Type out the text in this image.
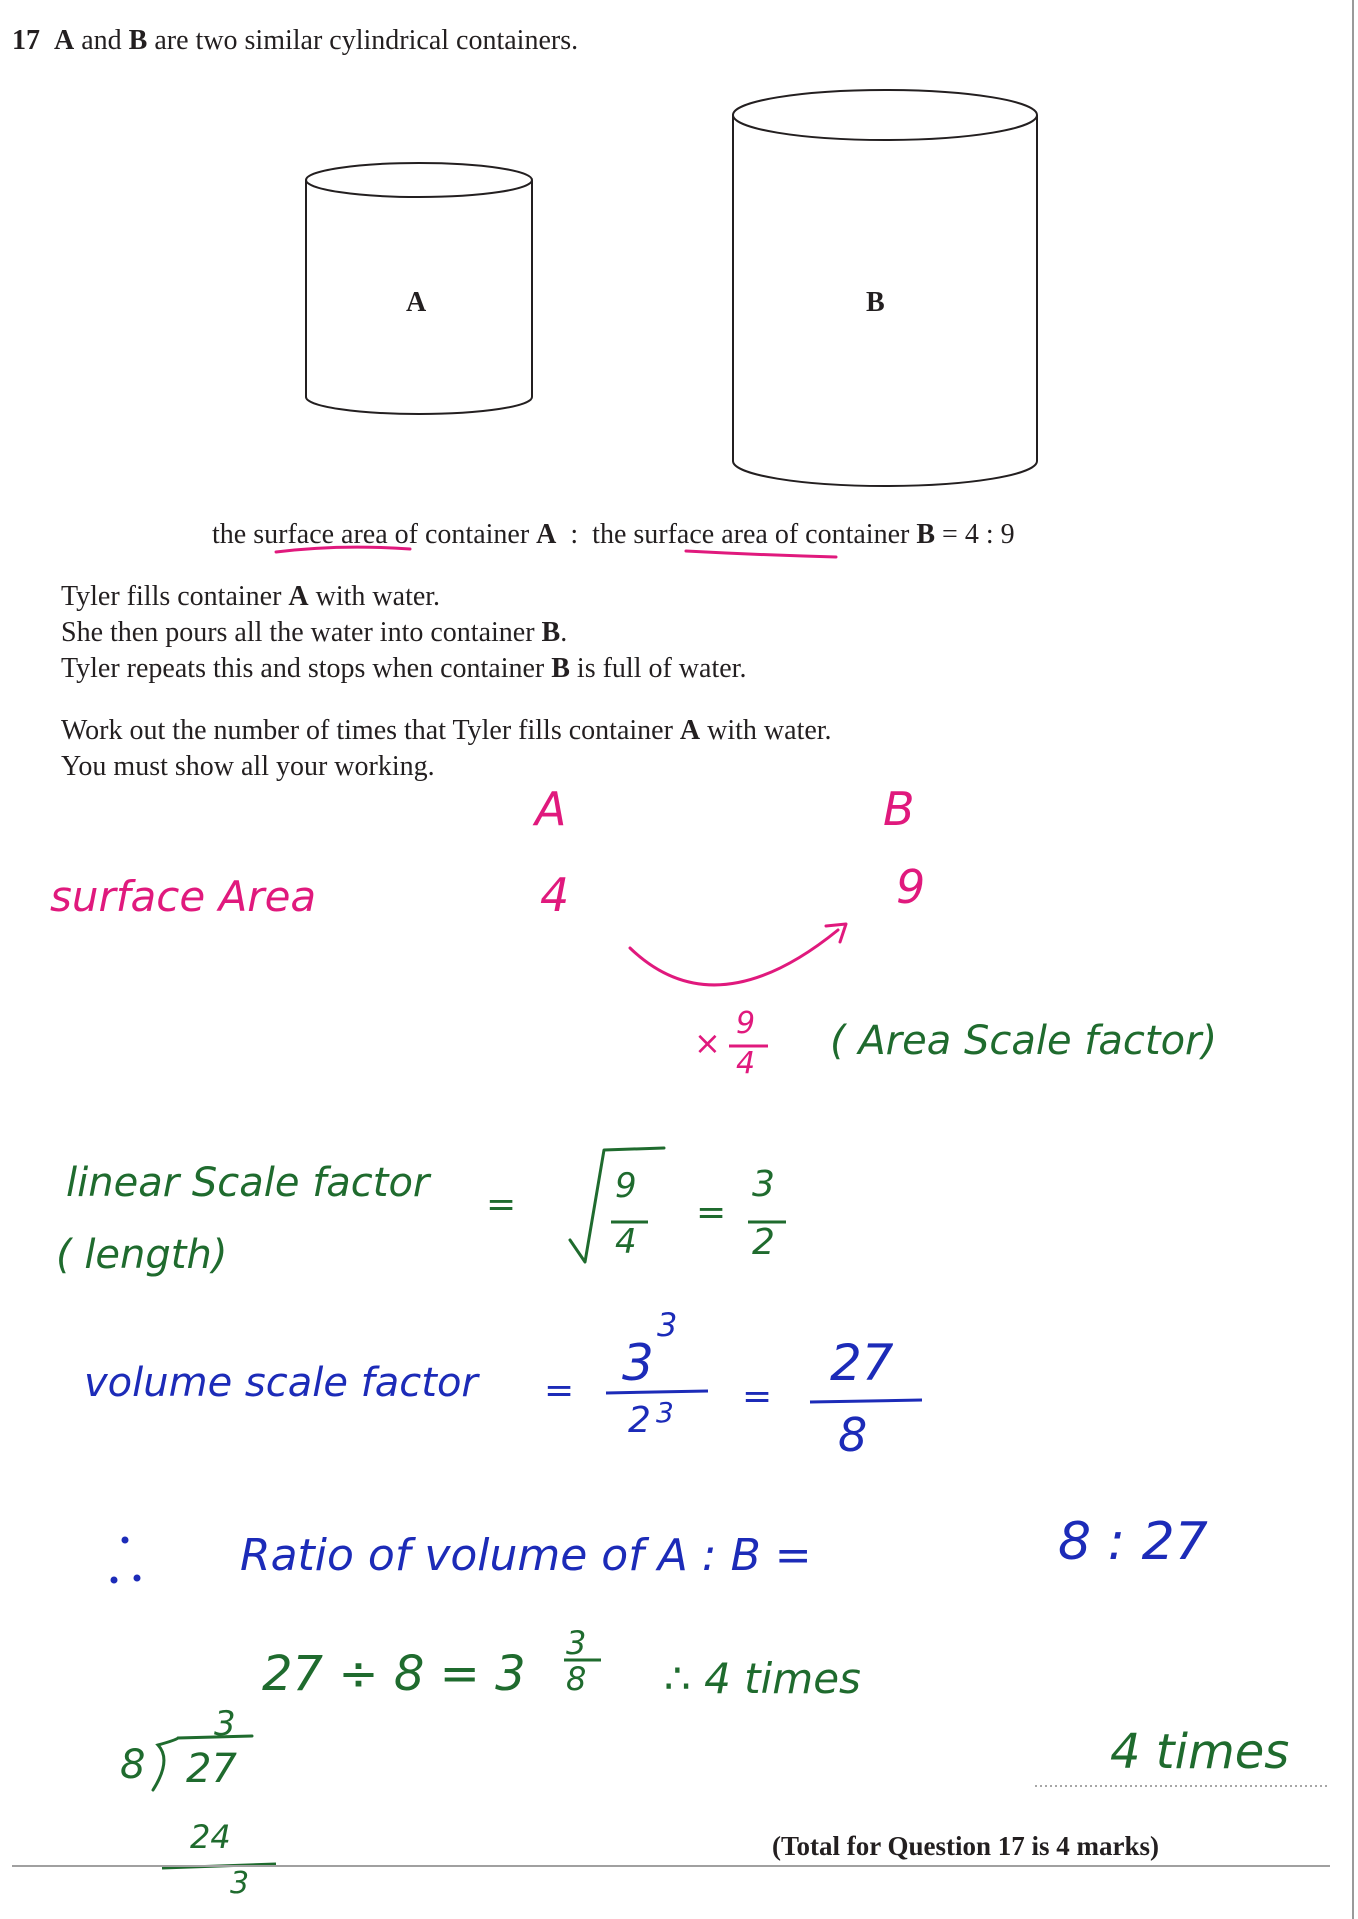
17 A and B are two similar cylindrical containers.
A	B
the surface area of container A  :  the surface area of container B = 4 : 9
Tyler fills container A with water.
She then pours all the water into container B.
Tyler repeats this and stops when container B is full of water.
Work out the number of times that Tyler fills container A with water.
You must show all your working.
A	B
surface Area	4	9
×
9
4 ( Area Scale factor)
linear Scale factor
( length)
=	9
4
=
3
2
volume scale factor = 3
3
2 3 =
27
8
Ratio of volume of A : B =	8 : 27
27 ÷ 8 = 3
3
8 ∴ 4 times
3
8 27
24
3
4 times
(Total for Question 17 is 4 marks)
